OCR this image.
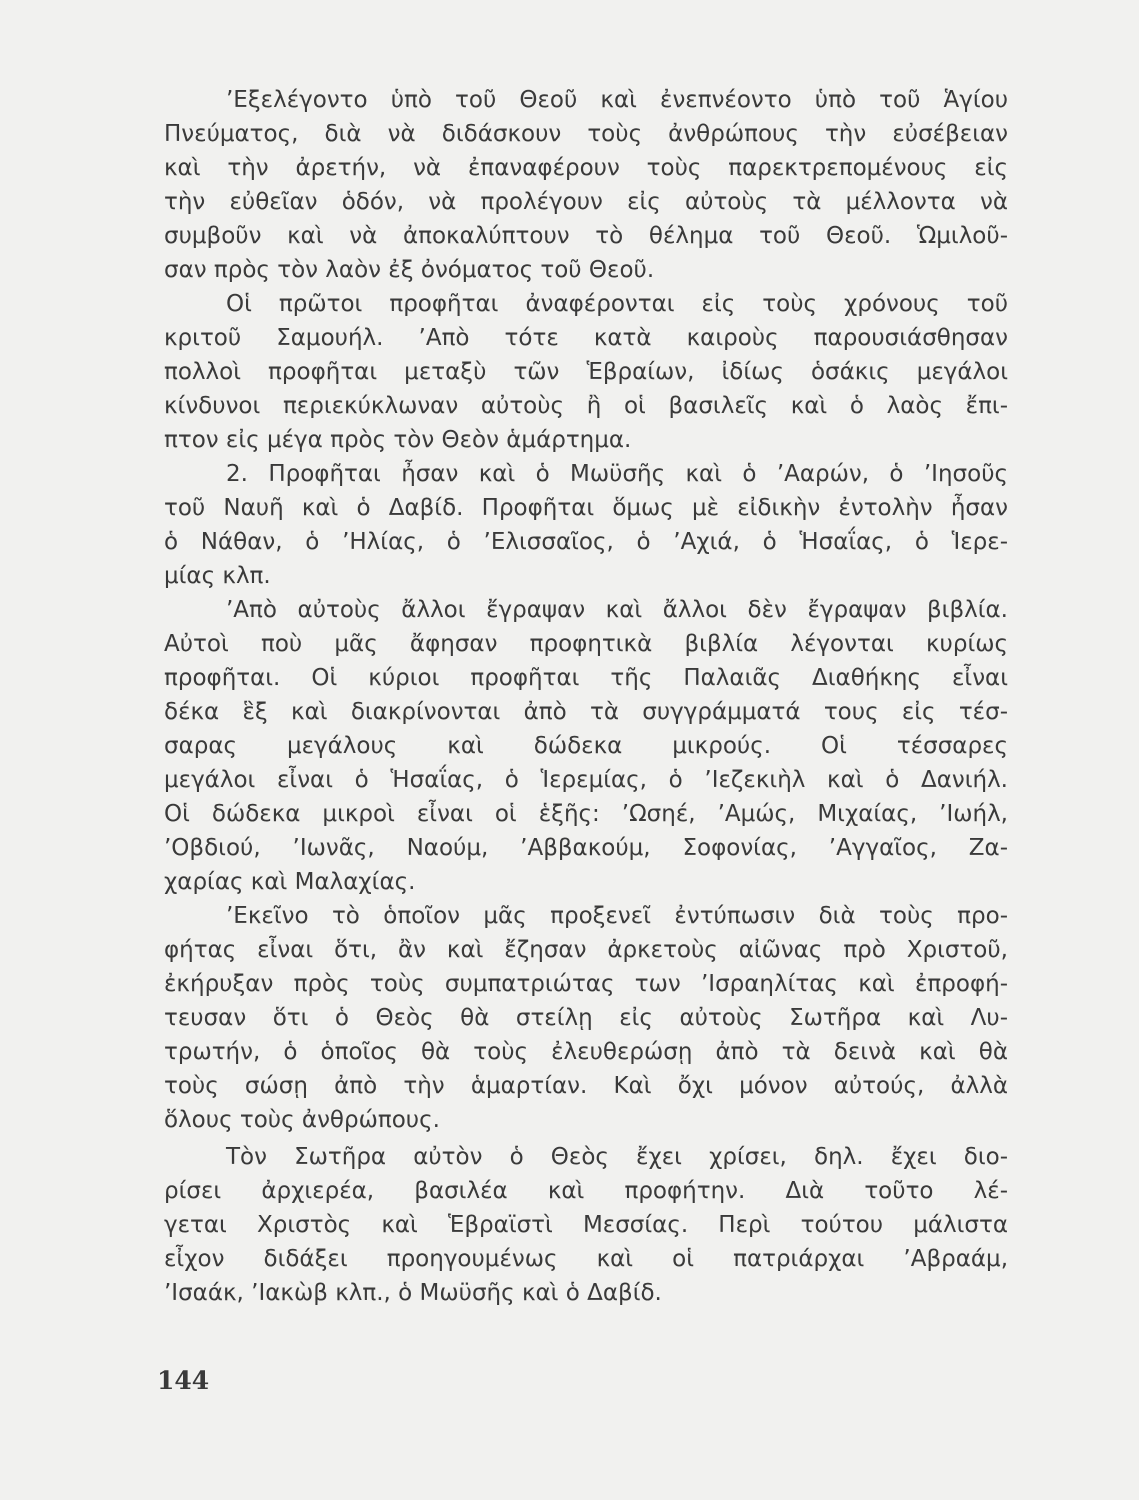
’Εξελέγοντο ὑπὸ τοῦ Θεοῦ καὶ ἐνεπνέοντο ὑπὸ τοῦ Ἁγίου
Πνεύματος, διὰ νὰ διδάσκουν τοὺς ἀνθρώπους τὴν εὐσέβειαν
καὶ τὴν ἀρετήν, νὰ ἐπαναφέρουν τοὺς παρεκτρεπομένους εἰς
τὴν εὐθεῖαν ὁδόν, νὰ προλέγουν εἰς αὐτοὺς τὰ μέλλοντα νὰ
συμβοῦν καὶ νὰ ἀποκαλύπτουν τὸ θέλημα τοῦ Θεοῦ. Ὡμιλοῦ-
σαν πρὸς τὸν λαὸν ἐξ ὀνόματος τοῦ Θεοῦ.
Οἱ πρῶτοι προφῆται ἀναφέρονται εἰς τοὺς χρόνους τοῦ
κριτοῦ Σαμουήλ. ’Απὸ τότε κατὰ καιροὺς παρουσιάσθησαν
πολλοὶ προφῆται μεταξὺ τῶν Ἑβραίων, ἰδίως ὁσάκις μεγάλοι
κίνδυνοι περιεκύκλωναν αὐτοὺς ἢ οἱ βασιλεῖς καὶ ὁ λαὸς ἔπι-
πτον εἰς μέγα πρὸς τὸν Θεὸν ἁμάρτημα.
2. Προφῆται ἦσαν καὶ ὁ Μωϋσῆς καὶ ὁ ’Ααρών, ὁ ’Ιησοῦς
τοῦ Ναυῆ καὶ ὁ Δαβίδ. Προφῆται ὅμως μὲ εἰδικὴν ἐντολὴν ἦσαν
ὁ Νάθαν, ὁ ’Ηλίας, ὁ ’Ελισσαῖος, ὁ ’Αχιά, ὁ Ἡσαΐας, ὁ Ἱερε-
μίας κλπ.
’Απὸ αὐτοὺς ἄλλοι ἔγραψαν καὶ ἄλλοι δὲν ἔγραψαν βιβλία.
Αὐτοὶ ποὺ μᾶς ἄφησαν προφητικὰ βιβλία λέγονται κυρίως
προφῆται. Οἱ κύριοι προφῆται τῆς Παλαιᾶς Διαθήκης εἶναι
δέκα ἓξ καὶ διακρίνονται ἀπὸ τὰ συγγράμματά τους εἰς τέσ-
σαρας μεγάλους καὶ δώδεκα μικρούς. Οἱ τέσσαρες
μεγάλοι εἶναι ὁ Ἡσαΐας, ὁ Ἱερεμίας, ὁ ’Ιεζεκιὴλ καὶ ὁ Δανιήλ.
Οἱ δώδεκα μικροὶ εἶναι οἱ ἑξῆς: ’Ωσηέ, ’Αμώς, Μιχαίας, ’Ιωήλ,
’Οβδιού, ’Ιωνᾶς, Ναούμ, ’Αββακούμ, Σοφονίας, ’Αγγαῖος, Ζα-
χαρίας καὶ Μαλαχίας.
’Εκεῖνο τὸ ὁποῖον μᾶς προξενεῖ ἐντύπωσιν διὰ τοὺς προ-
φήτας εἶναι ὅτι, ἂν καὶ ἔζησαν ἀρκετοὺς αἰῶνας πρὸ Χριστοῦ,
ἐκήρυξαν πρὸς τοὺς συμπατριώτας των ’Ισραηλίτας καὶ ἐπροφή-
τευσαν ὅτι ὁ Θεὸς θὰ στείλῃ εἰς αὐτοὺς Σωτῆρα καὶ Λυ-
τρωτήν, ὁ ὁποῖος θὰ τοὺς ἐλευθερώσῃ ἀπὸ τὰ δεινὰ καὶ θὰ
τοὺς σώσῃ ἀπὸ τὴν ἁμαρτίαν. Καὶ ὄχι μόνον αὐτούς, ἀλλὰ
ὅλους τοὺς ἀνθρώπους.
Τὸν Σωτῆρα αὐτὸν ὁ Θεὸς ἔχει χρίσει, δηλ. ἔχει διο-
ρίσει ἀρχιερέα, βασιλέα καὶ προφήτην. Διὰ τοῦτο λέ-
γεται Χριστὸς καὶ Ἑβραϊστὶ Μεσσίας. Περὶ τούτου μάλιστα
εἶχον διδάξει προηγουμένως καὶ οἱ πατριάρχαι ’Αβραάμ,
’Ισαάκ, ’Ιακὼβ κλπ., ὁ Μωϋσῆς καὶ ὁ Δαβίδ.
144
